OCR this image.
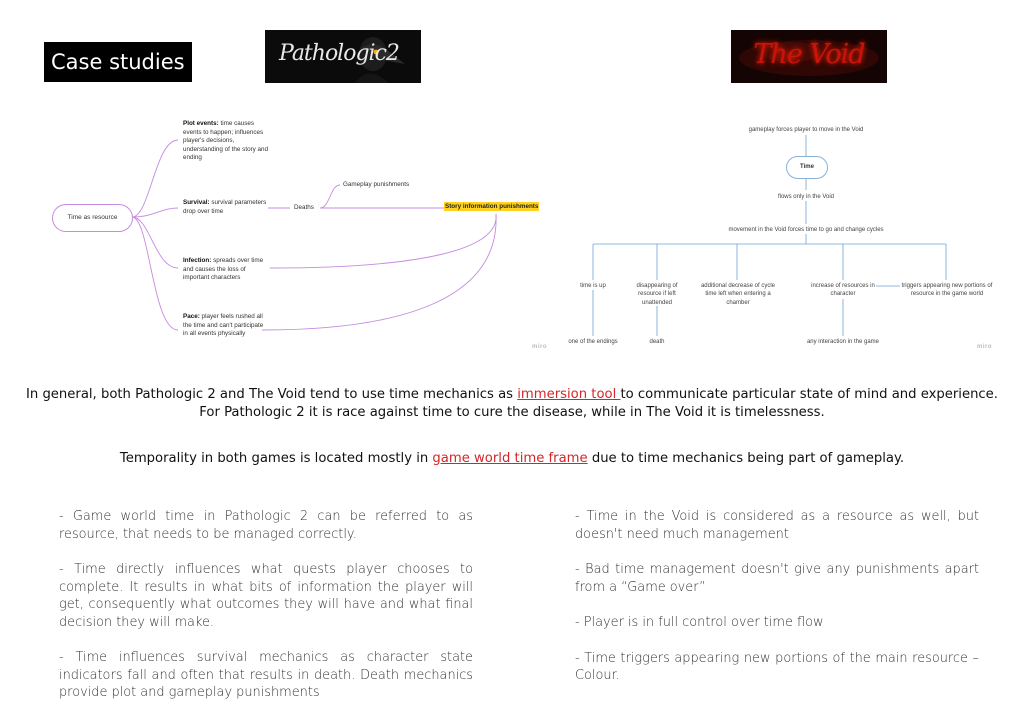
Case studies	Pathologic2	The Void
Time as resource
Plot events: time causes events to happen; influences player's decisions, understanding of the story and ending
Survival: survival parameters drop over time
Infection: spreads over time and causes the loss of important characters
Pace: player feels rushed all the time and can't participate in all events physically
Deaths
Gameplay punishments
Story information punishments
miro
gameplay forces player to move in the Void
Time
flows only in the Void
movement in the Void forces time to go and change cycles
time is up	disappearing of resource if left unattended
additional decrease of cycle time left when entering a chamber
increase of resources in character
triggers appearing new portions of resource in the game world
one of the endings	death	any interaction in the game
miro
In general, both Pathologic 2 and The Void tend to use time mechanics as immersion tool to communicate particular state of mind and experience.
For Pathologic 2 it is race against time to cure the disease, while in The Void it is timelessness.
Temporality in both games is located mostly in game world time frame due to time mechanics being part of gameplay.

- Game world time in Pathologic 2 can be referred to as resource, that needs to be managed correctly.

- Time directly influences what quests player chooses to complete. It results in what bits of information the player will get, consequently what outcomes they will have and what final decision they will make.

- Time influences survival mechanics as character state indicators fall and often that results in death. Death mechanics provide plot and gameplay punishments

- Time in the Void is considered as a resource as well, but doesn't need much management

- Bad time management doesn't give any punishments apart from a “Game over”

- Player is in full control over time flow

- Time triggers appearing new portions of the main resource – Colour.
